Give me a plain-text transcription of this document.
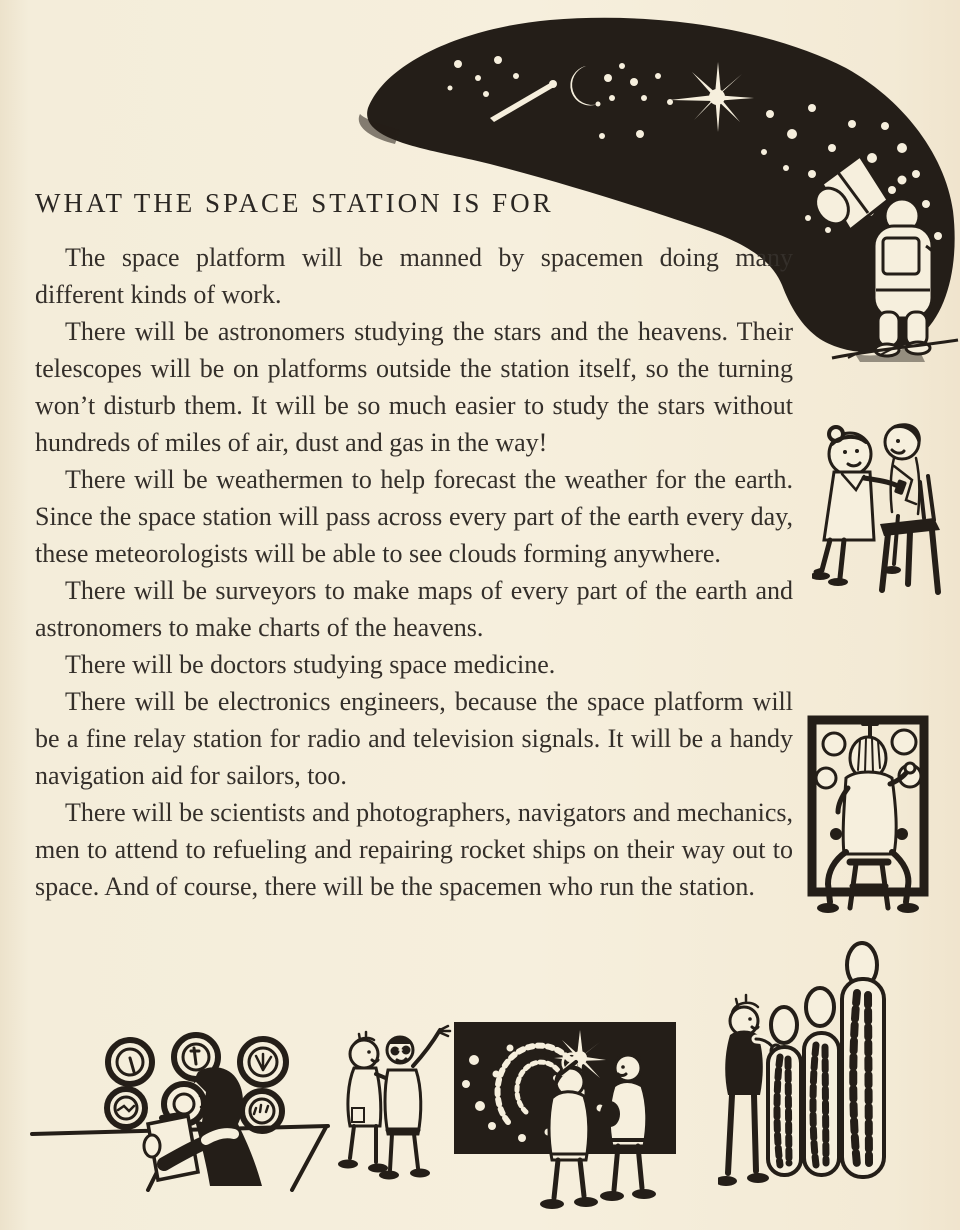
WHAT THE SPACE STATION IS FOR

The space platform will be manned by spacemen doing many different kinds of work.

There will be astronomers studying the stars and the heavens. Their telescopes will be on platforms outside the station itself, so the turning won’t disturb them. It will be so much easier to study the stars without hundreds of miles of air, dust and gas in the way!

There will be weathermen to help forecast the weather for the earth. Since the space station will pass across every part of the earth every day, these meteorologists will be able to see clouds forming anywhere.

There will be surveyors to make maps of every part of the earth and astronomers to make charts of the heavens.

There will be doctors studying space medicine.

There will be electronics engineers, because the space platform will be a fine relay station for radio and television signals. It will be a handy navigation aid for sailors, too.

There will be scientists and photographers, navigators and mechanics, men to attend to refueling and repairing rocket ships on their way out to space. And of course, there will be the spacemen who run the station.
